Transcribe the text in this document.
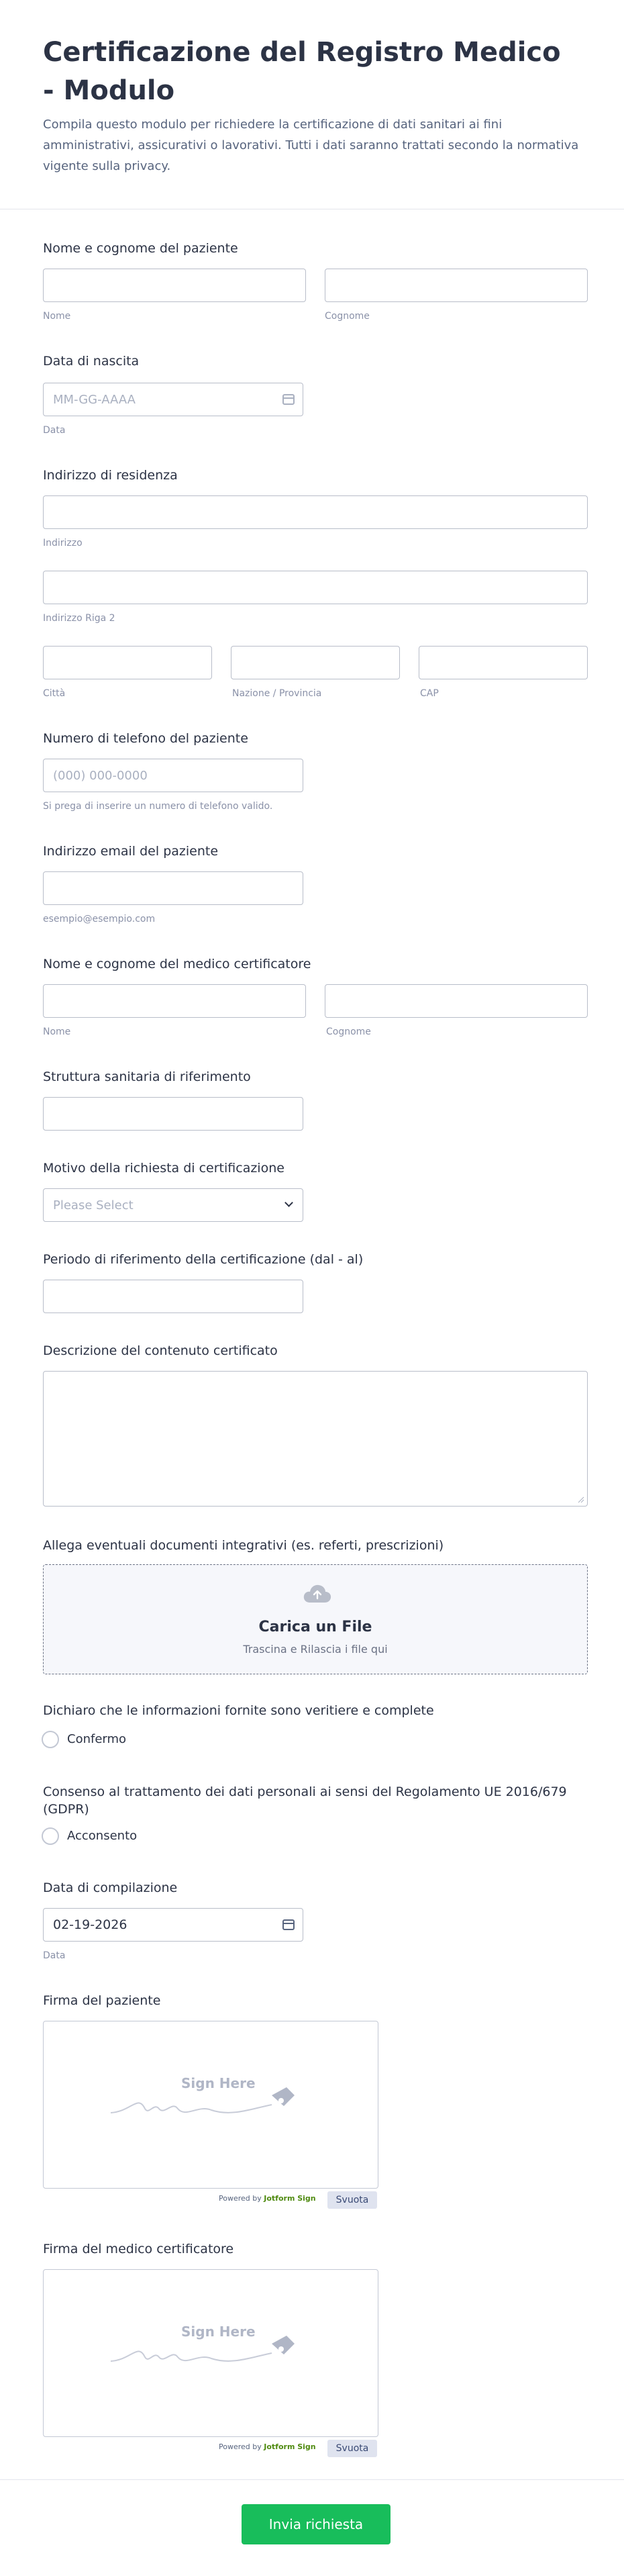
Certificazione del Registro Medico - Modulo
Compila questo modulo per richiedere la certificazione di dati sanitari ai fini amministrativi, assicurativi o lavorativi. Tutti i dati saranno trattati secondo la normativa vigente sulla privacy.
Nome e cognome del paziente
Nome	Cognome
Data di nascita
MM-GG-AAAA
Data
Indirizzo di residenza
Indirizzo
Indirizzo Riga 2
Città	Nazione / Provincia	CAP
Numero di telefono del paziente
(000) 000-0000
Si prega di inserire un numero di telefono valido.
Indirizzo email del paziente
esempio@esempio.com
Nome e cognome del medico certificatore
Nome	Cognome
Struttura sanitaria di riferimento
Motivo della richiesta di certificazione
Please Select
Periodo di riferimento della certificazione (dal - al)
Descrizione del contenuto certificato
Allega eventuali documenti integrativi (es. referti, prescrizioni)
Carica un File
Trascina e Rilascia i file qui
Dichiaro che le informazioni fornite sono veritiere e complete
Confermo
Consenso al trattamento dei dati personali ai sensi del Regolamento UE 2016/679 (GDPR)
Acconsento
Data di compilazione
02-19-2026
Data
Firma del paziente
Sign Here
Powered by Jotform Sign	Svuota
Firma del medico certificatore
Sign Here
Powered by Jotform Sign	Svuota
Invia richiesta
